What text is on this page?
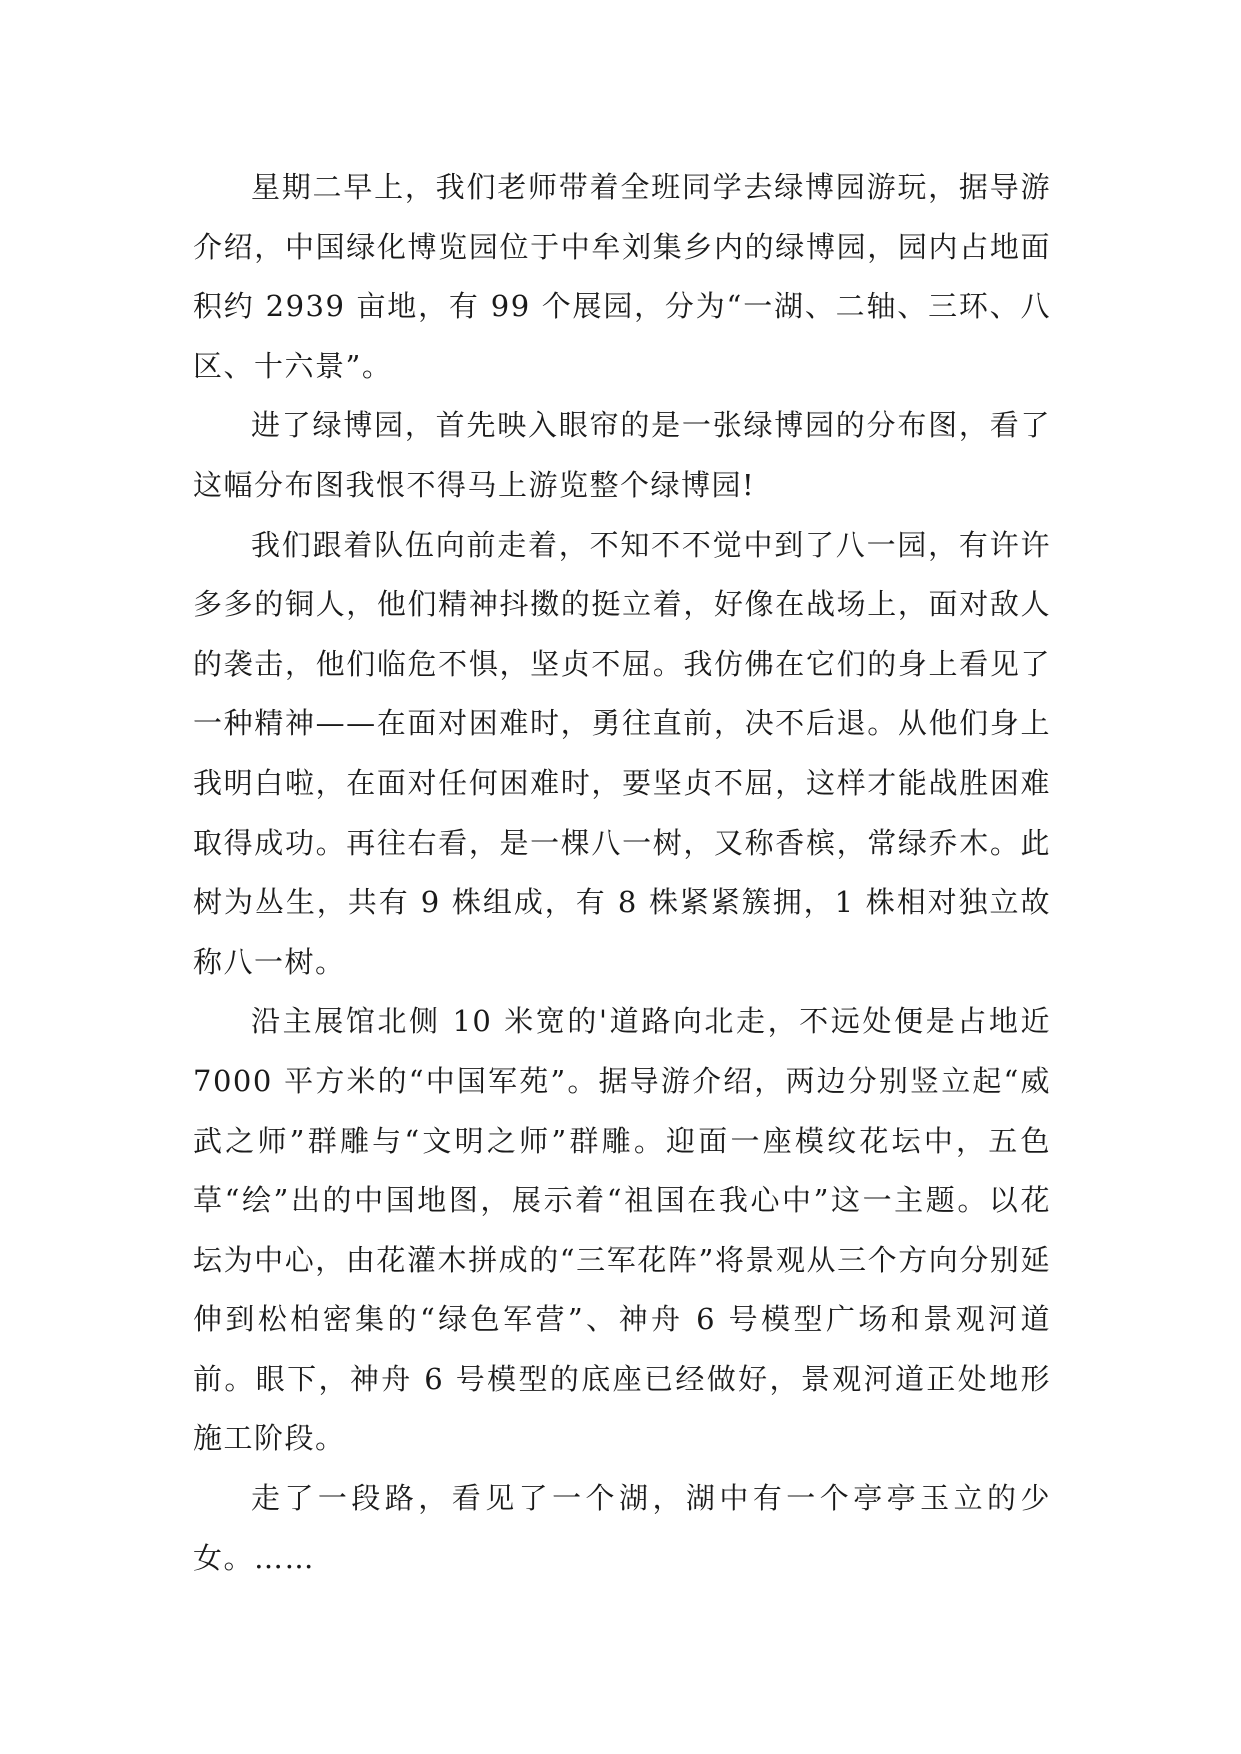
星期二早上，我们老师带着全班同学去绿博园游玩，据导游介绍，中国绿化博览园位于中牟刘集乡内的绿博园，园内占地面积约 2939 亩地，有 99 个展园，分为“一湖、二轴、三环、八区、十六景”。

进了绿博园，首先映入眼帘的是一张绿博园的分布图，看了这幅分布图我恨不得马上游览整个绿博园!

我们跟着队伍向前走着，不知不不觉中到了八一园，有许许多多的铜人，他们精神抖擞的挺立着，好像在战场上，面对敌人的袭击，他们临危不惧，坚贞不屈。我仿佛在它们的身上看见了一种精神——在面对困难时，勇往直前，决不后退。从他们身上我明白啦，在面对任何困难时，要坚贞不屈，这样才能战胜困难取得成功。再往右看，是一棵八一树，又称香槟，常绿乔木。此树为丛生，共有 9 株组成，有 8 株紧紧簇拥，1 株相对独立故称八一树。

沿主展馆北侧 10 米宽的'道路向北走，不远处便是占地近 7000 平方米的“中国军苑”。据导游介绍，两边分别竖立起“威武之师”群雕与“文明之师”群雕。迎面一座模纹花坛中，五色草“绘”出的中国地图，展示着“祖国在我心中”这一主题。以花坛为中心，由花灌木拼成的“三军花阵”将景观从三个方向分别延伸到松柏密集的“绿色军营”、神舟 6 号模型广场和景观河道前。眼下，神舟 6 号模型的底座已经做好，景观河道正处地形施工阶段。

走了一段路，看见了一个湖，湖中有一个亭亭玉立的少女。……
